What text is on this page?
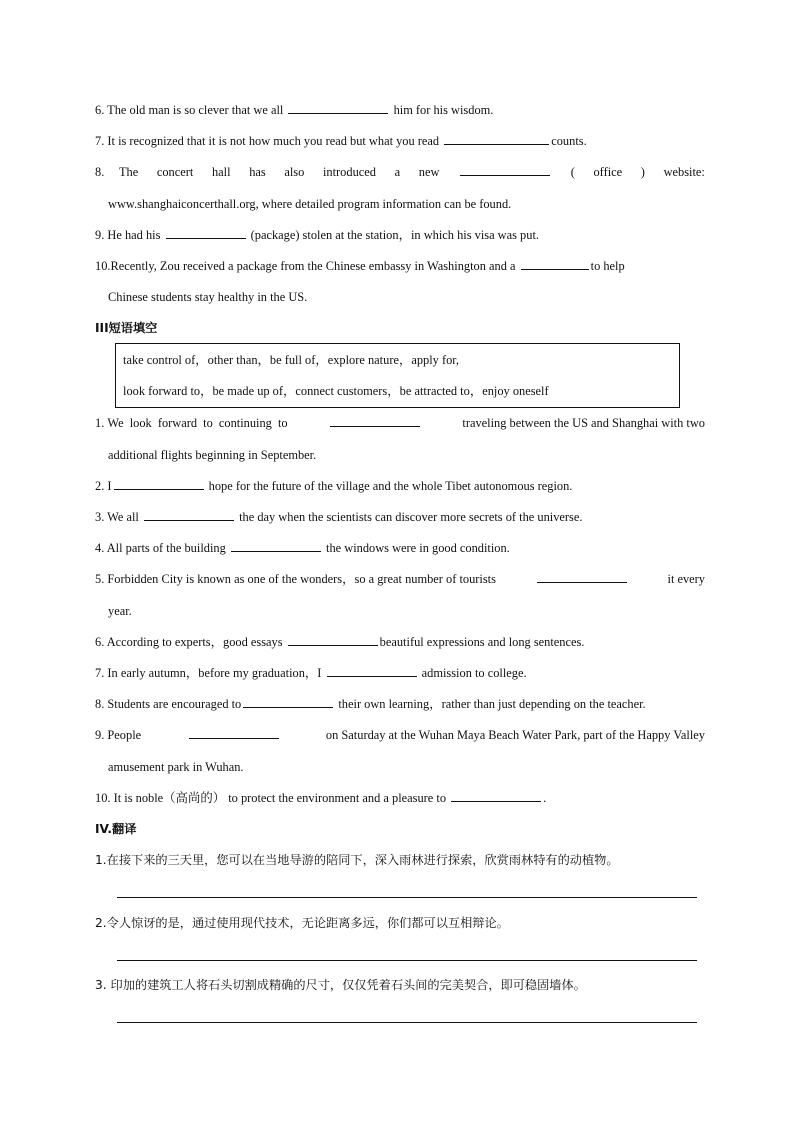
6. The old man is so clever that we all	him for his wisdom.
7. It is recognized that it is not how much you read but what you read	counts.
8. The concert hall has also introduced a new	( office ) website:
www.shanghaiconcerthall.org, where detailed program information can be found.
9. He had his	(package) stolen at the station，in which his visa was put.
10.Recently, Zou received a package from the Chinese embassy in Washington and a	to help
Chinese students stay healthy in the US.
III短语填空
take control of，other than，be full of，explore nature，apply for,
look forward to，be made up of，connect customers，be attracted to，enjoy oneself
1. We look forward to continuing to	traveling between the US and Shanghai with two
additional flights beginning in September.
2. I	hope for the future of the village and the whole Tibet autonomous region.
3. We all	the day when the scientists can discover more secrets of the universe.
4. All parts of the building	the windows were in good condition.
5. Forbidden City is known as one of the wonders，so a great number of tourists	it every
year.
6. According to experts，good essays	beautiful expressions and long sentences.
7. In early autumn，before my graduation，I	admission to college.
8. Students are encouraged to	their own learning，rather than just depending on the teacher.
9. People	on Saturday at the Wuhan Maya Beach Water Park, part of the Happy Valley
amusement park in Wuhan.
10. It is noble（高尚的） to protect the environment and a pleasure to	.
IV.翻译
1.在接下来的三天里，您可以在当地导游的陪同下，深入雨林进行探索，欣赏雨林特有的动植物。
2.令人惊讶的是，通过使用现代技术，无论距离多远，你们都可以互相辩论。
3. 印加的建筑工人将石头切割成精确的尺寸，仅仅凭着石头间的完美契合，即可稳固墙体。
